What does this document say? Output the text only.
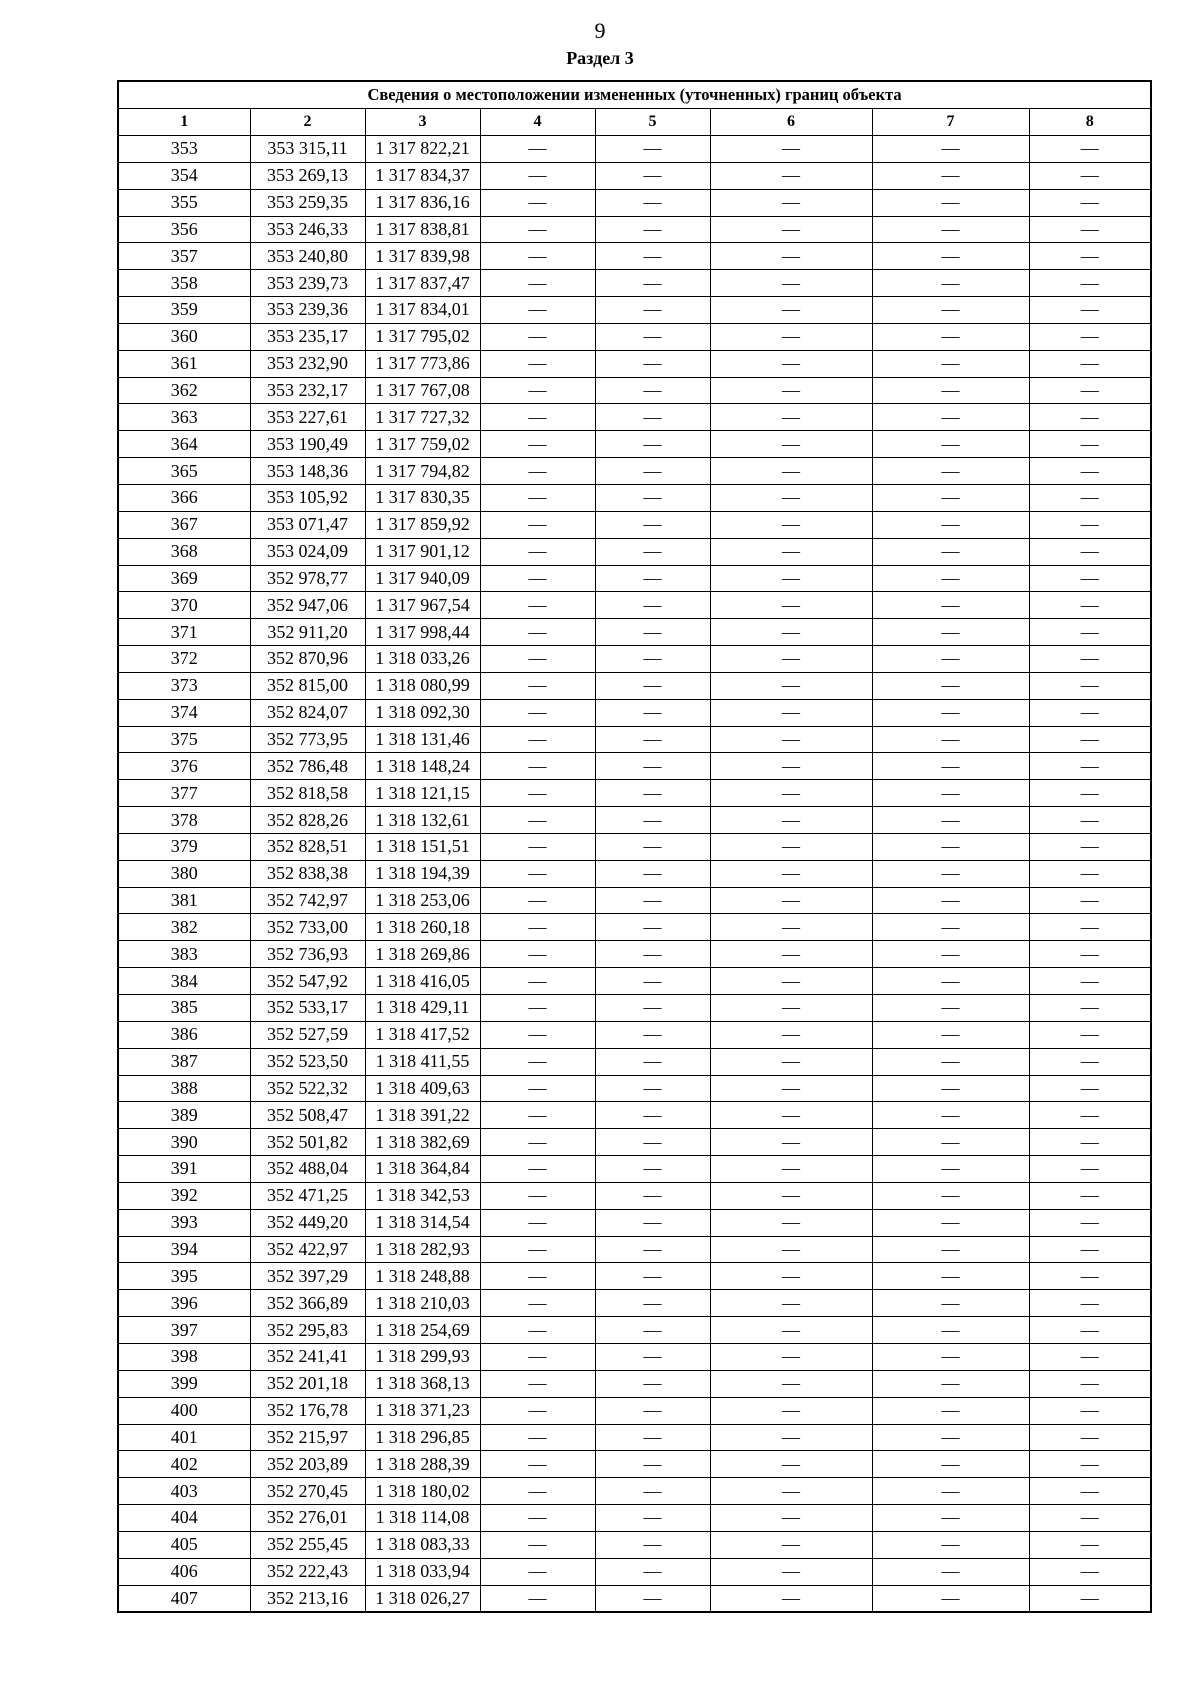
9
Раздел 3
Сведения о местоположении измененных (уточненных) границ объекта							
1	2	3	4	5	6	7	8
353	353 315,11	1 317 822,21	—	—	—	—	—
354	353 269,13	1 317 834,37	—	—	—	—	—
355	353 259,35	1 317 836,16	—	—	—	—	—
356	353 246,33	1 317 838,81	—	—	—	—	—
357	353 240,80	1 317 839,98	—	—	—	—	—
358	353 239,73	1 317 837,47	—	—	—	—	—
359	353 239,36	1 317 834,01	—	—	—	—	—
360	353 235,17	1 317 795,02	—	—	—	—	—
361	353 232,90	1 317 773,86	—	—	—	—	—
362	353 232,17	1 317 767,08	—	—	—	—	—
363	353 227,61	1 317 727,32	—	—	—	—	—
364	353 190,49	1 317 759,02	—	—	—	—	—
365	353 148,36	1 317 794,82	—	—	—	—	—
366	353 105,92	1 317 830,35	—	—	—	—	—
367	353 071,47	1 317 859,92	—	—	—	—	—
368	353 024,09	1 317 901,12	—	—	—	—	—
369	352 978,77	1 317 940,09	—	—	—	—	—
370	352 947,06	1 317 967,54	—	—	—	—	—
371	352 911,20	1 317 998,44	—	—	—	—	—
372	352 870,96	1 318 033,26	—	—	—	—	—
373	352 815,00	1 318 080,99	—	—	—	—	—
374	352 824,07	1 318 092,30	—	—	—	—	—
375	352 773,95	1 318 131,46	—	—	—	—	—
376	352 786,48	1 318 148,24	—	—	—	—	—
377	352 818,58	1 318 121,15	—	—	—	—	—
378	352 828,26	1 318 132,61	—	—	—	—	—
379	352 828,51	1 318 151,51	—	—	—	—	—
380	352 838,38	1 318 194,39	—	—	—	—	—
381	352 742,97	1 318 253,06	—	—	—	—	—
382	352 733,00	1 318 260,18	—	—	—	—	—
383	352 736,93	1 318 269,86	—	—	—	—	—
384	352 547,92	1 318 416,05	—	—	—	—	—
385	352 533,17	1 318 429,11	—	—	—	—	—
386	352 527,59	1 318 417,52	—	—	—	—	—
387	352 523,50	1 318 411,55	—	—	—	—	—
388	352 522,32	1 318 409,63	—	—	—	—	—
389	352 508,47	1 318 391,22	—	—	—	—	—
390	352 501,82	1 318 382,69	—	—	—	—	—
391	352 488,04	1 318 364,84	—	—	—	—	—
392	352 471,25	1 318 342,53	—	—	—	—	—
393	352 449,20	1 318 314,54	—	—	—	—	—
394	352 422,97	1 318 282,93	—	—	—	—	—
395	352 397,29	1 318 248,88	—	—	—	—	—
396	352 366,89	1 318 210,03	—	—	—	—	—
397	352 295,83	1 318 254,69	—	—	—	—	—
398	352 241,41	1 318 299,93	—	—	—	—	—
399	352 201,18	1 318 368,13	—	—	—	—	—
400	352 176,78	1 318 371,23	—	—	—	—	—
401	352 215,97	1 318 296,85	—	—	—	—	—
402	352 203,89	1 318 288,39	—	—	—	—	—
403	352 270,45	1 318 180,02	—	—	—	—	—
404	352 276,01	1 318 114,08	—	—	—	—	—
405	352 255,45	1 318 083,33	—	—	—	—	—
406	352 222,43	1 318 033,94	—	—	—	—	—
407	352 213,16	1 318 026,27	—	—	—	—	—
